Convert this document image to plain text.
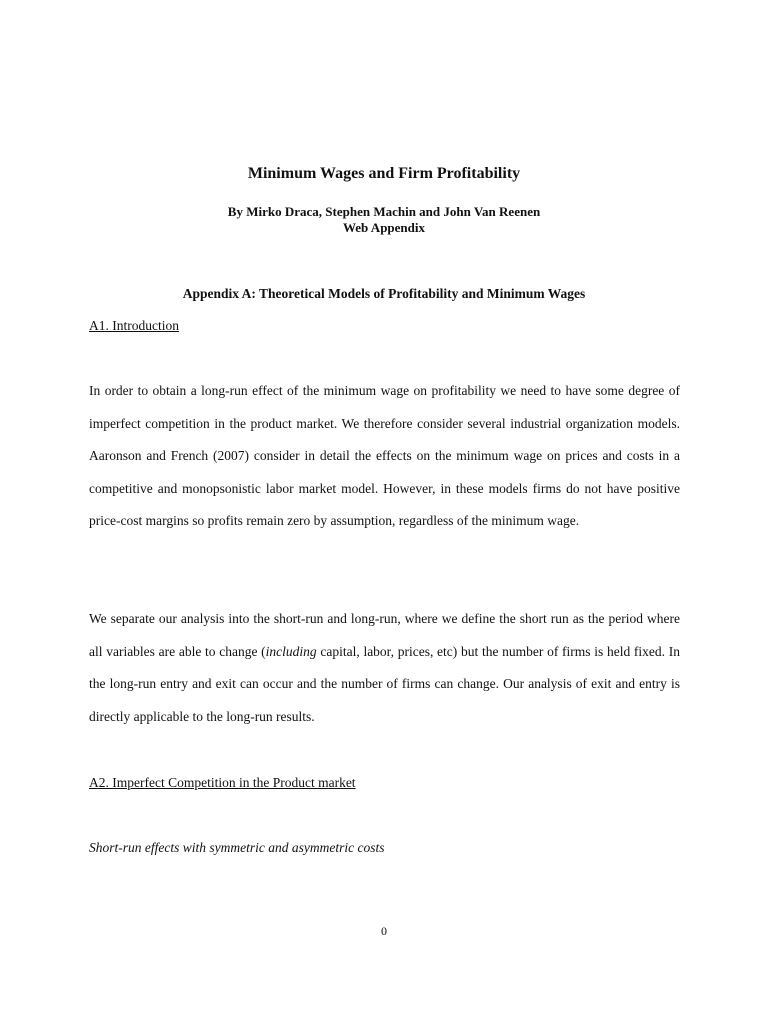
Minimum Wages and Firm Profitability
By Mirko Draca, Stephen Machin and John Van Reenen
Web Appendix
Appendix A: Theoretical Models of Profitability and Minimum Wages
A1. Introduction

In order to obtain a long-run effect of the minimum wage on profitability we need to have some degree of imperfect competition in the product market. We therefore consider several industrial organization models. Aaronson and French (2007) consider in detail the effects on the minimum wage on prices and costs in a competitive and monopsonistic labor market model. However, in these models firms do not have positive price-cost margins so profits remain zero by assumption, regardless of the minimum wage.

We separate our analysis into the short-run and long-run, where we define the short run as the period where all variables are able to change (including capital, labor, prices, etc) but the number of firms is held fixed. In the long-run entry and exit can occur and the number of firms can change. Our analysis of exit and entry is directly applicable to the long-run results.

A2. Imperfect Competition in the Product market
Short-run effects with symmetric and asymmetric costs
0
